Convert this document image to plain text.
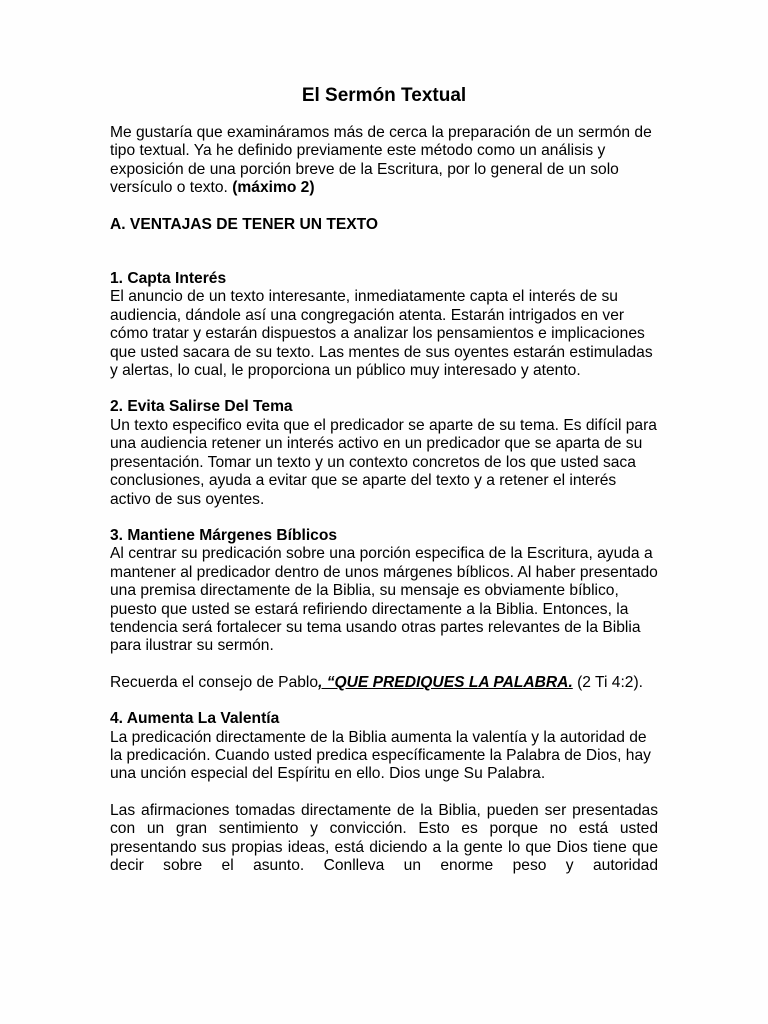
El Sermón Textual

Me gustaría que examináramos más de cerca la preparación de un sermón de tipo textual. Ya he definido previamente este método como un análisis y exposición de una porción breve de la Escritura, por lo general de un solo versículo o texto. (máximo 2)

A. VENTAJAS DE TENER UN TEXTO

1. Capta Interés
El anuncio de un texto interesante, inmediatamente capta el interés de su audiencia, dándole así una congregación atenta. Estarán intrigados en ver cómo tratar y estarán dispuestos a analizar los pensamientos e implicaciones que usted sacara de su texto. Las mentes de sus oyentes estarán estimuladas y alertas, lo cual, le proporciona un público muy interesado y atento.

2. Evita Salirse Del Tema
Un texto especifico evita que el predicador se aparte de su tema. Es difícil para una audiencia retener un interés activo en un predicador que se aparta de su presentación. Tomar un texto y un contexto concretos de los que usted saca conclusiones, ayuda a evitar que se aparte del texto y a retener el interés activo de sus oyentes.

3. Mantiene Márgenes Bíblicos
Al centrar su predicación sobre una porción especifica de la Escritura, ayuda a mantener al predicador dentro de unos márgenes bíblicos. Al haber presentado una premisa directamente de la Biblia, su mensaje es obviamente bíblico, puesto que usted se estará refiriendo directamente a la Biblia. Entonces, la tendencia será fortalecer su tema usando otras partes relevantes de la Biblia para ilustrar su sermón.

Recuerda el consejo de Pablo, “QUE PREDIQUES LA PALABRA. (2 Ti 4:2).

4. Aumenta La Valentía
La predicación directamente de la Biblia aumenta la valentía y la autoridad de la predicación. Cuando usted predica específicamente la Palabra de Dios, hay una unción especial del Espíritu en ello. Dios unge Su Palabra.

Las afirmaciones tomadas directamente de la Biblia, pueden ser presentadas con un gran sentimiento y convicción. Esto es porque no está usted presentando sus propias ideas, está diciendo a la gente lo que Dios tiene que decir sobre el asunto. Conlleva un enorme peso y autoridad
